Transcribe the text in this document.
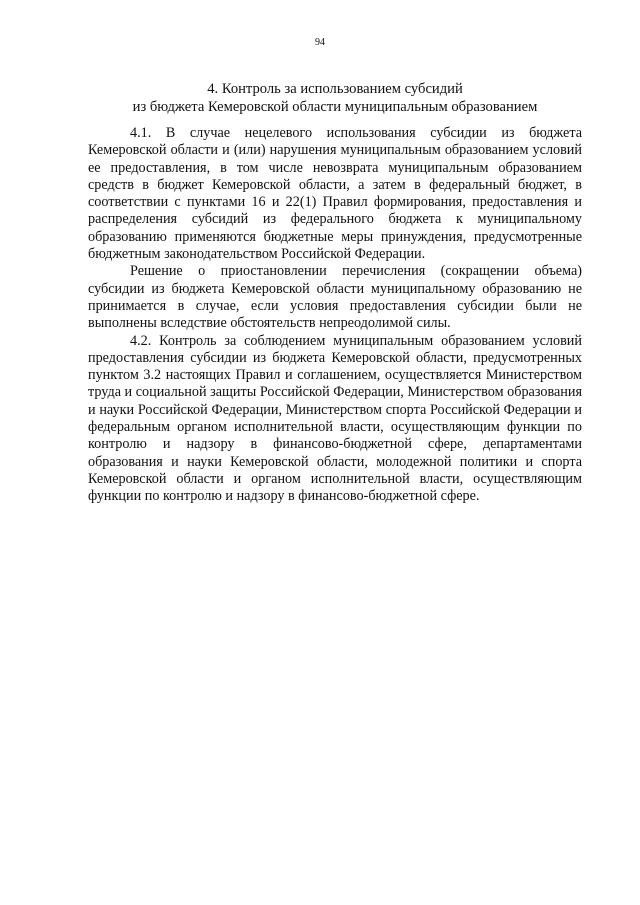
94
4. Контроль за использованием субсидий
из бюджета Кемеровской области муниципальным образованием

4.1. В случае нецелевого использования субсидии из бюджета Кемеровской области и (или) нарушения муниципальным образованием условий ее предоставления, в том числе невозврата муниципальным образованием средств в бюджет Кемеровской области, а затем в федеральный бюджет, в соответствии с пунктами 16 и 22(1) Правил формирования, предоставления и распределения субсидий из федерального бюджета к муниципальному образованию применяются бюджетные меры принуждения, предусмотренные бюджетным законодательством Российской Федерации.

Решение о приостановлении перечисления (сокращении объема) субсидии из бюджета Кемеровской области муниципальному образованию не принимается в случае, если условия предоставления субсидии были не выполнены вследствие обстоятельств непреодолимой силы.

4.2. Контроль за соблюдением муниципальным образованием условий предоставления субсидии из бюджета Кемеровской области, предусмотренных пунктом 3.2 настоящих Правил и соглашением, осуществляется Министерством труда и социальной защиты Российской Федерации, Министерством образования и науки Российской Федерации, Министерством спорта Российской Федерации и федеральным органом исполнительной власти, осуществляющим функции по контролю и надзору в финансово-бюджетной сфере, департаментами образования и науки Кемеровской области, молодежной политики и спорта Кемеровской области и органом исполнительной власти, осуществляющим функции по контролю и надзору в финансово-бюджетной сфере.
